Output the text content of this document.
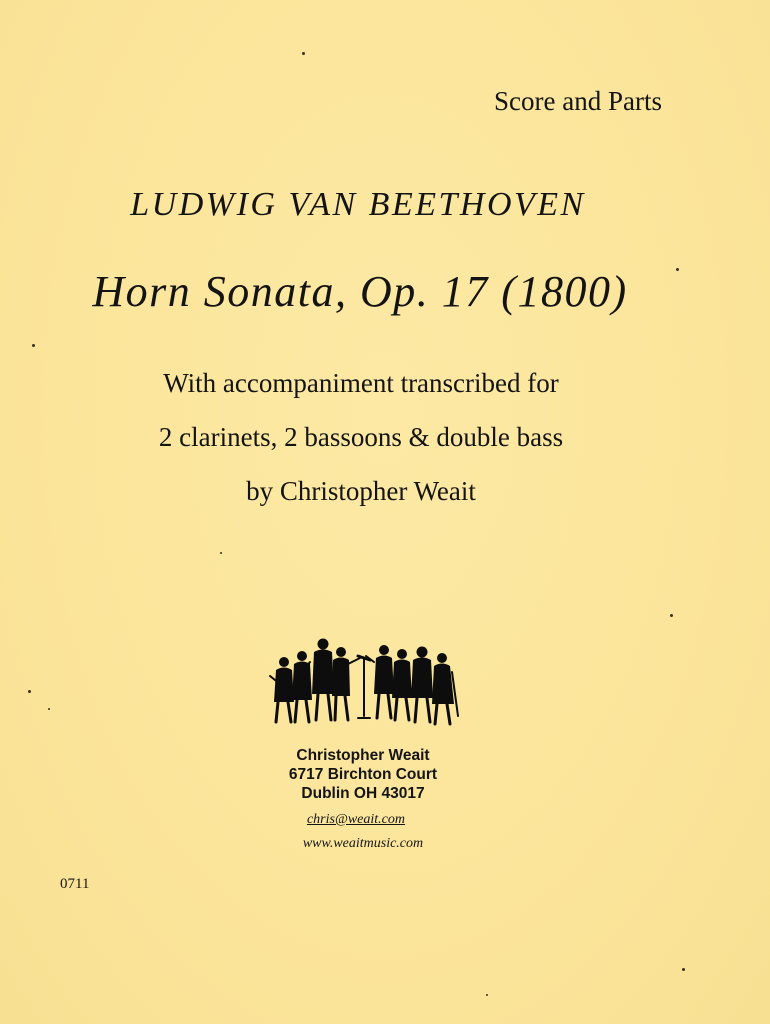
Score and Parts
LUDWIG VAN BEETHOVEN
Horn Sonata, Op. 17 (1800)
With accompaniment transcribed for
2 clarinets, 2 bassoons & double bass
by Christopher Weait
Christopher Weait
6717 Birchton Court
Dublin OH 43017
chris@weait.com
www.weaitmusic.com
0711
